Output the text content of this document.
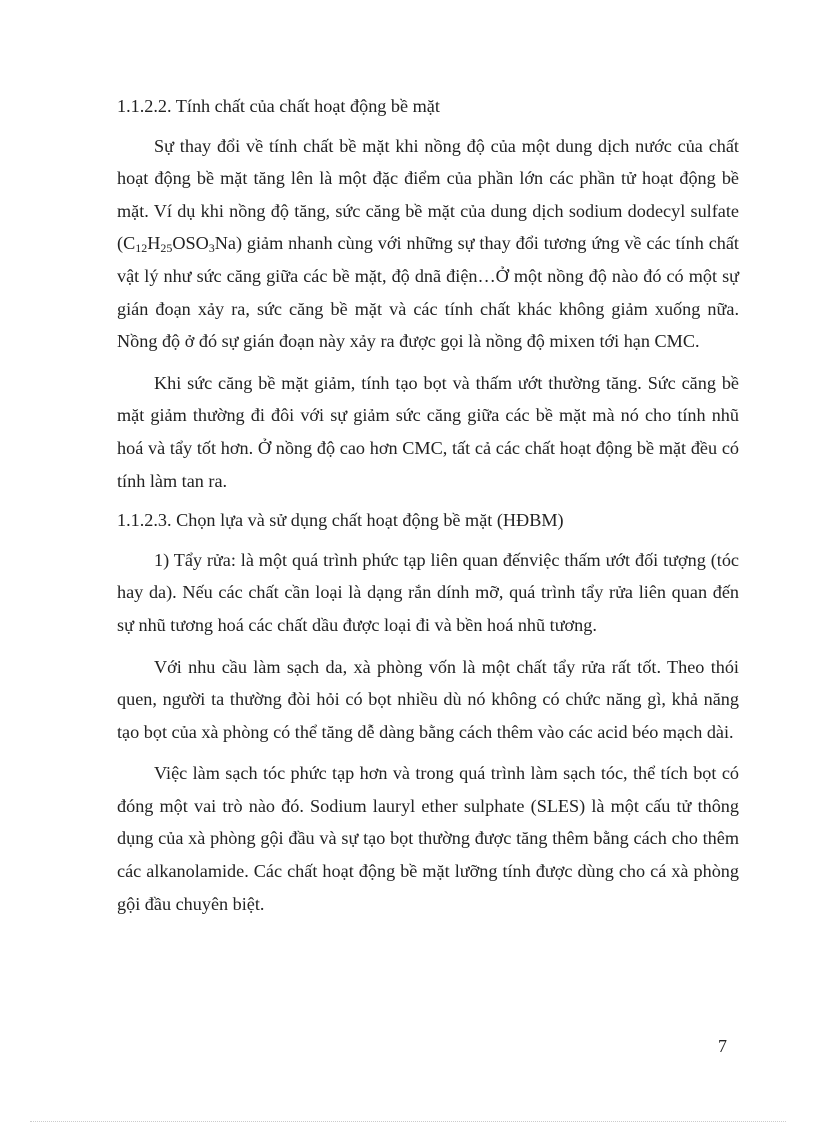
1.1.2.2. Tính chất của chất hoạt động bề mặt

Sự thay đổi về tính chất bề mặt khi nồng độ của một dung dịch nước của chất hoạt động bề mặt tăng lên là một đặc điểm của phần lớn các phần tử hoạt động bề mặt. Ví dụ khi nồng độ tăng, sức căng bề mặt của dung dịch sodium dodecyl sulfate $(C_{12}H_{25}OSO_3Na)$ giảm nhanh cùng với những sự thay đổi tương ứng về các tính chất vật lý như sức căng giữa các bề mặt, độ dnã điện…Ở một nồng độ nào đó có một sự gián đoạn xảy ra, sức căng bề mặt và các tính chất khác không giảm xuống nữa. Nồng độ ở đó sự gián đoạn này xảy ra được gọi là nồng độ mixen tới hạn CMC.

Khi sức căng bề mặt giảm, tính tạo bọt và thấm ướt thường tăng. Sức căng bề mặt giảm thường đi đôi với sự giảm sức căng giữa các bề mặt mà nó cho tính nhũ hoá và tẩy tốt hơn. Ở nồng độ cao hơn CMC, tất cả các chất hoạt động bề mặt đều có tính làm tan ra.

1.1.2.3. Chọn lựa và sử dụng chất hoạt động bề mặt (HĐBM)

1) Tẩy rửa: là một quá trình phức tạp liên quan đếnviệc thấm ướt đối tượng (tóc hay da). Nếu các chất cần loại là dạng rắn dính mỡ, quá trình tẩy rửa liên quan đến sự nhũ tương hoá các chất dầu được loại đi và bền hoá nhũ tương.

Với nhu cầu làm sạch da, xà phòng vốn là một chất tẩy rửa rất tốt. Theo thói quen, người ta thường đòi hỏi có bọt nhiều dù nó không có chức năng gì, khả năng tạo bọt của xà phòng có thể tăng dễ dàng bằng cách thêm vào các acid béo mạch dài.

Việc làm sạch tóc phức tạp hơn và trong quá trình làm sạch tóc, thể tích bọt có đóng một vai trò nào đó. Sodium lauryl ether sulphate (SLES) là một cấu tử thông dụng của xà phòng gội đầu và sự tạo bọt thường được tăng thêm bằng cách cho thêm các alkanolamide. Các chất hoạt động bề mặt lưỡng tính được dùng cho cá xà phòng gội đầu chuyên biệt.

7
